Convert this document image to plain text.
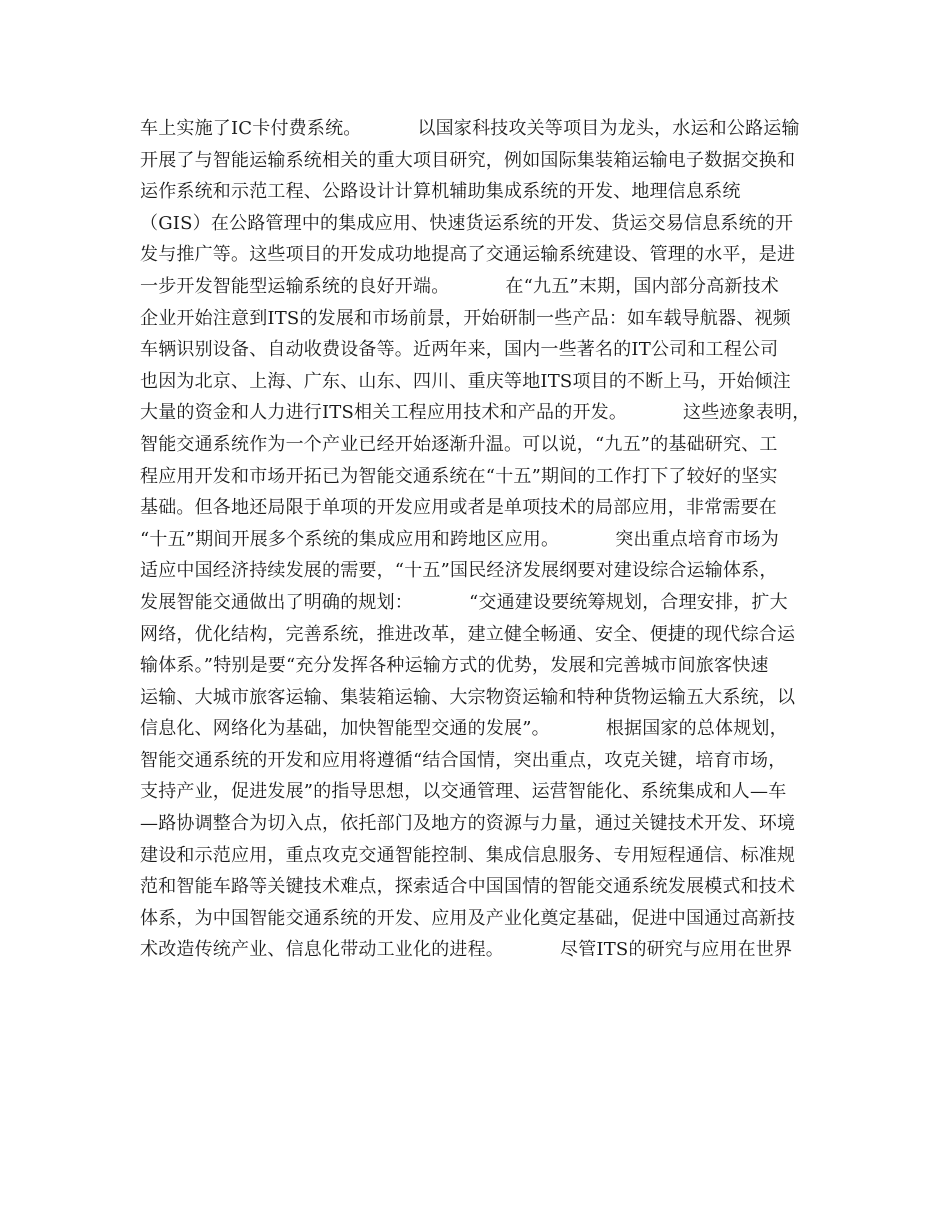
车上实施了IC卡付费系统。	以国家科技攻关等项目为龙头，水运和公路运输
开展了与智能运输系统相关的重大项目研究，例如国际集装箱运输电子数据交换和
运作系统和示范工程、公路设计计算机辅助集成系统的开发、地理信息系统
（GIS）在公路管理中的集成应用、快速货运系统的开发、货运交易信息系统的开
发与推广等。这些项目的开发成功地提高了交通运输系统建设、管理的水平，是进
一步开发智能型运输系统的良好开端。	在“九五”末期，国内部分高新技术
企业开始注意到ITS的发展和市场前景，开始研制一些产品：如车载导航器、视频
车辆识别设备、自动收费设备等。近两年来，国内一些著名的IT公司和工程公司
也因为北京、上海、广东、山东、四川、重庆等地ITS项目的不断上马，开始倾注
大量的资金和人力进行ITS相关工程应用技术和产品的开发。	这些迹象表明，
智能交通系统作为一个产业已经开始逐渐升温。可以说，“九五”的基础研究、工
程应用开发和市场开拓已为智能交通系统在“十五”期间的工作打下了较好的坚实
基础。但各地还局限于单项的开发应用或者是单项技术的局部应用，非常需要在
“十五”期间开展多个系统的集成应用和跨地区应用。	突出重点培育市场为
适应中国经济持续发展的需要，“十五”国民经济发展纲要对建设综合运输体系，
发展智能交通做出了明确的规划：	“交通建设要统筹规划，合理安排，扩大
网络，优化结构，完善系统，推进改革，建立健全畅通、安全、便捷的现代综合运
输体系。”特别是要“充分发挥各种运输方式的优势，发展和完善城市间旅客快速
运输、大城市旅客运输、集装箱运输、大宗物资运输和特种货物运输五大系统，以
信息化、网络化为基础，加快智能型交通的发展”。	根据国家的总体规划，
智能交通系统的开发和应用将遵循“结合国情，突出重点，攻克关键，培育市场，
支持产业，促进发展”的指导思想，以交通管理、运营智能化、系统集成和人—车
—路协调整合为切入点，依托部门及地方的资源与力量，通过关键技术开发、环境
建设和示范应用，重点攻克交通智能控制、集成信息服务、专用短程通信、标准规
范和智能车路等关键技术难点，探索适合中国国情的智能交通系统发展模式和技术
体系，为中国智能交通系统的开发、应用及产业化奠定基础，促进中国通过高新技
术改造传统产业、信息化带动工业化的进程。	尽管ITS的研究与应用在世界
